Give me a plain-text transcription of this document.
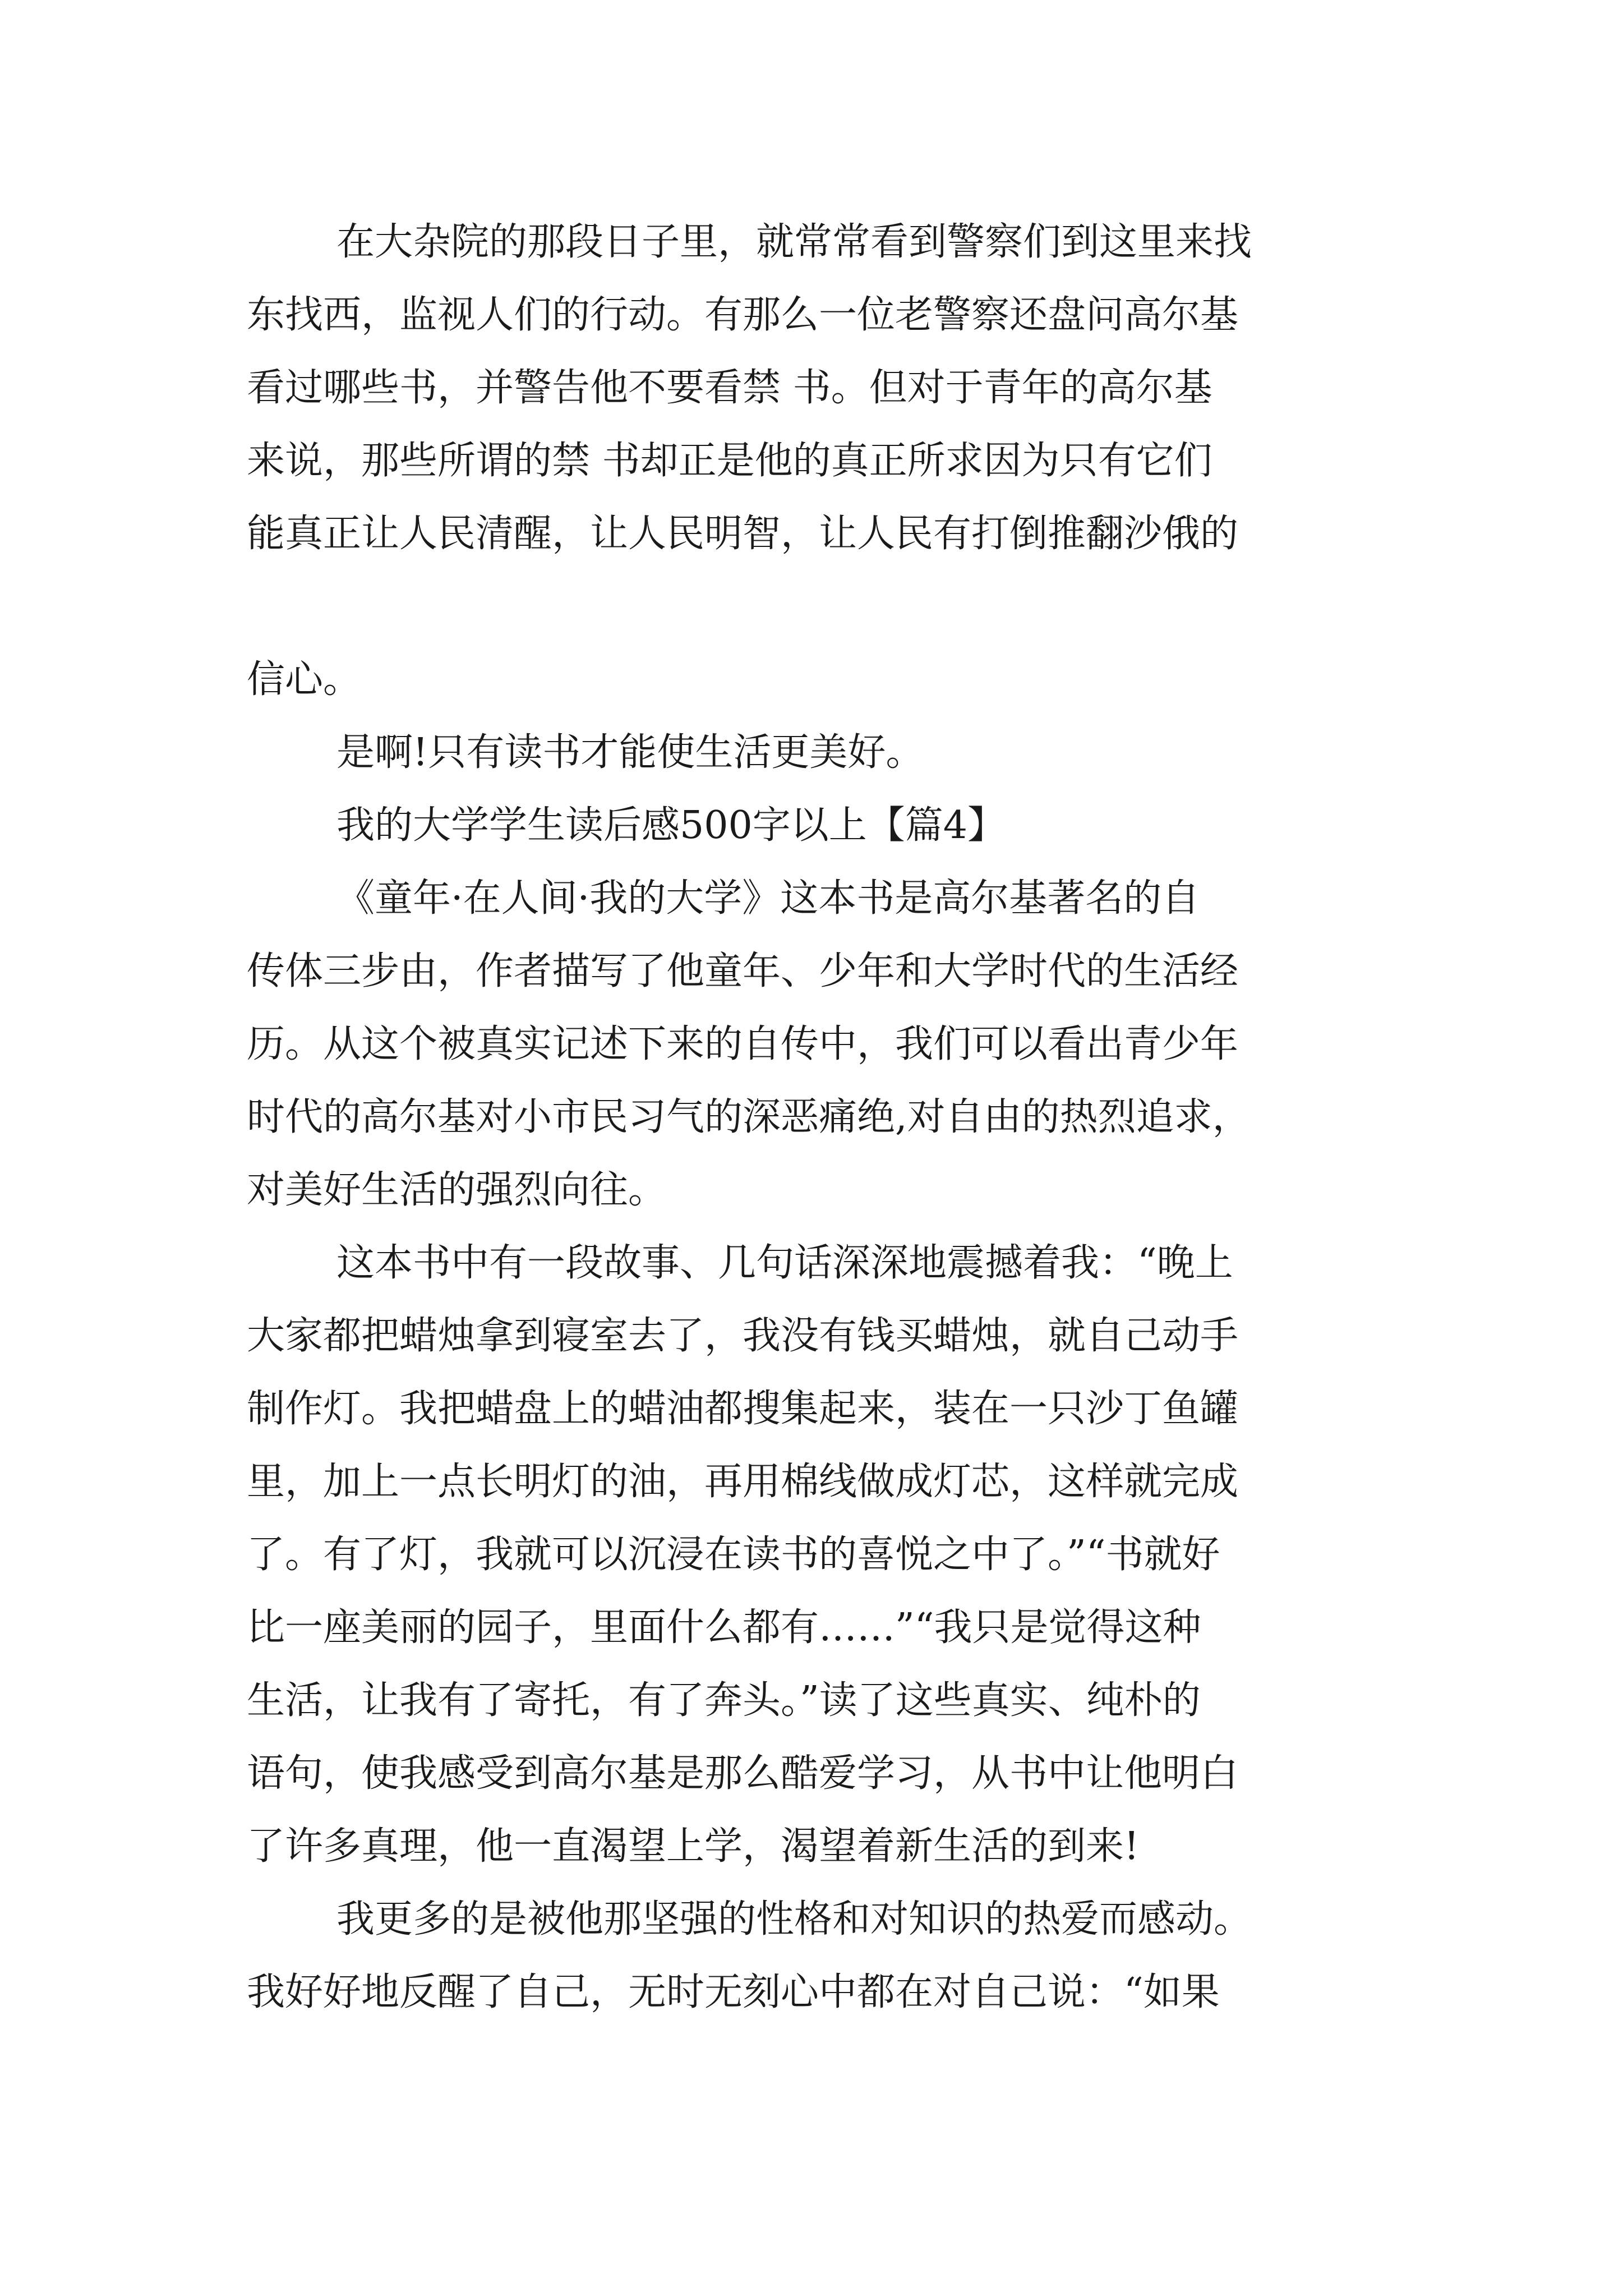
在大杂院的那段日子里，就常常看到警察们到这里来找
东找西，监视人们的行动。有那么一位老警察还盘问高尔基
看过哪些书，并警告他不要看禁 书。但对于青年的高尔基
来说，那些所谓的禁 书却正是他的真正所求因为只有它们
能真正让人民清醒，让人民明智，让人民有打倒推翻沙俄的
信心。
是啊!只有读书才能使生活更美好。
我的大学学生读后感500字以上【篇4】
《童年·在人间·我的大学》这本书是高尔基著名的自
传体三步由，作者描写了他童年、少年和大学时代的生活经
历。从这个被真实记述下来的自传中，我们可以看出青少年
时代的高尔基对小市民习气的深恶痛绝,对自由的热烈追求，
对美好生活的强烈向往。
这本书中有一段故事、几句话深深地震撼着我：“晚上
大家都把蜡烛拿到寝室去了，我没有钱买蜡烛，就自己动手
制作灯。我把蜡盘上的蜡油都搜集起来，装在一只沙丁鱼罐
里，加上一点长明灯的油，再用棉线做成灯芯，这样就完成
了。有了灯，我就可以沉浸在读书的喜悦之中了。”“书就好
比一座美丽的园子，里面什么都有……”“我只是觉得这种
生活，让我有了寄托，有了奔头。”读了这些真实、纯朴的
语句，使我感受到高尔基是那么酷爱学习，从书中让他明白
了许多真理，他一直渴望上学，渴望着新生活的到来!
我更多的是被他那坚强的性格和对知识的热爱而感动。
我好好地反醒了自己，无时无刻心中都在对自己说：“如果
